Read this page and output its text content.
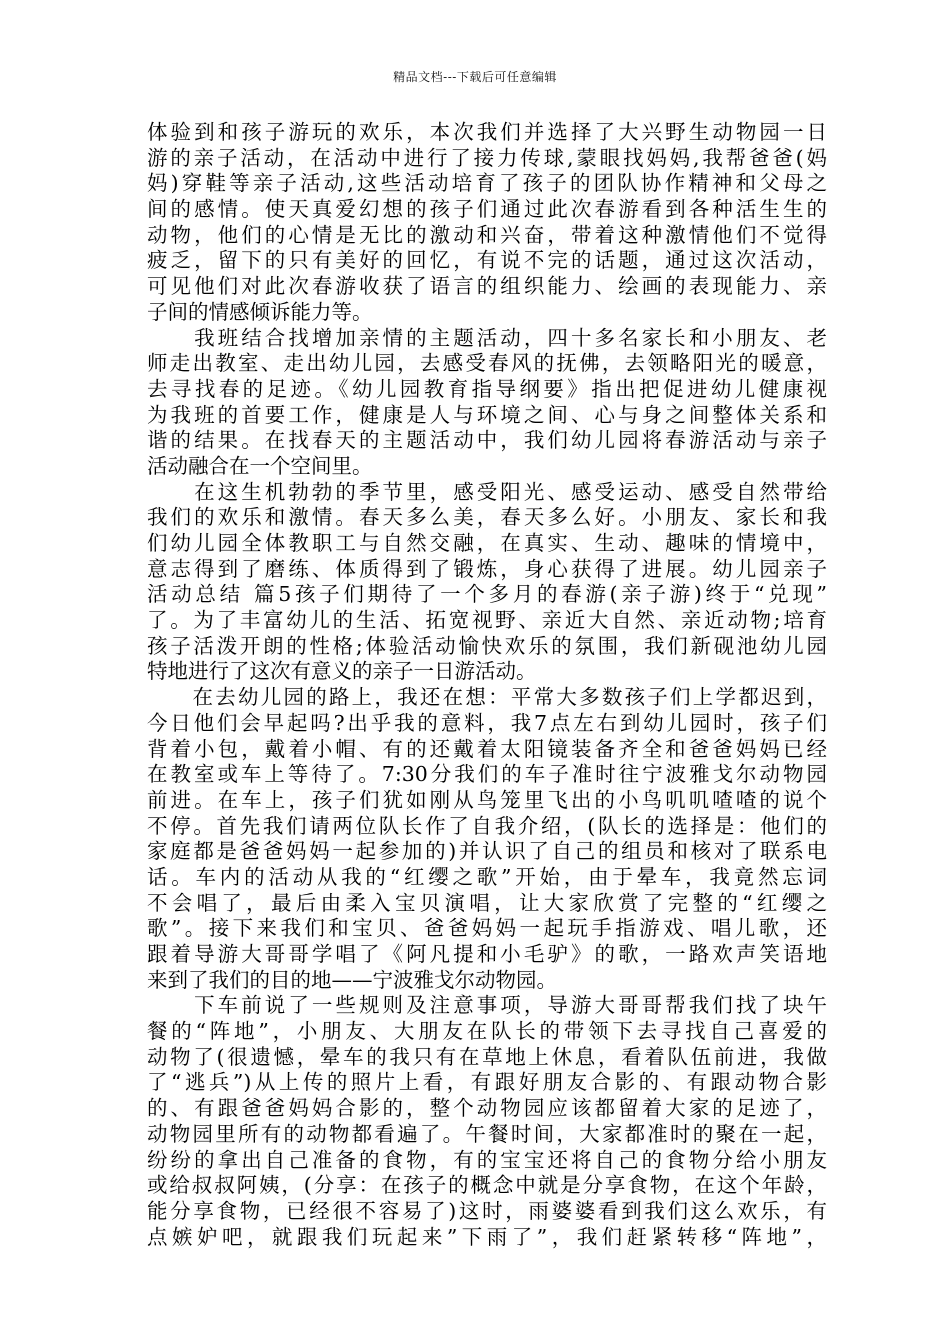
精品文档---下载后可任意编辑
体验到和孩子游玩的欢乐，本次我们并选择了大兴野生动物园一日
游的亲子活动，在活动中进行了接力传球,蒙眼找妈妈,我帮爸爸(妈
妈)穿鞋等亲子活动,这些活动培育了孩子的团队协作精神和父母之
间的感情。使天真爱幻想的孩子们通过此次春游看到各种活生生的
动物，他们的心情是无比的激动和兴奋，带着这种激情他们不觉得
疲乏，留下的只有美好的回忆，有说不完的话题，通过这次活动，
可见他们对此次春游收获了语言的组织能力、绘画的表现能力、亲
子间的情感倾诉能力等。
　　我班结合找增加亲情的主题活动，四十多名家长和小朋友、老
师走出教室、走出幼儿园，去感受春风的抚佛，去领略阳光的暖意，
去寻找春的足迹。《幼儿园教育指导纲要》指出把促进幼儿健康视
为我班的首要工作，健康是人与环境之间、心与身之间整体关系和
谐的结果。在找春天的主题活动中，我们幼儿园将春游活动与亲子
活动融合在一个空间里。
　　在这生机勃勃的季节里，感受阳光、感受运动、感受自然带给
我们的欢乐和激情。春天多么美，春天多么好。小朋友、家长和我
们幼儿园全体教职工与自然交融，在真实、生动、趣味的情境中，
意志得到了磨练、体质得到了锻炼，身心获得了进展。幼儿园亲子
活动总结 篇5孩子们期待了一个多月的春游(亲子游)终于“兑现”
了。为了丰富幼儿的生活、拓宽视野、亲近大自然、亲近动物;培育
孩子活泼开朗的性格;体验活动愉快欢乐的氛围，我们新砚池幼儿园
特地进行了这次有意义的亲子一日游活动。
　　在去幼儿园的路上，我还在想：平常大多数孩子们上学都迟到，
今日他们会早起吗?出乎我的意料，我7点左右到幼儿园时，孩子们
背着小包，戴着小帽、有的还戴着太阳镜装备齐全和爸爸妈妈已经
在教室或车上等待了。7:30分我们的车子准时往宁波雅戈尔动物园
前进。在车上，孩子们犹如刚从鸟笼里飞出的小鸟叽叽喳喳的说个
不停。首先我们请两位队长作了自我介绍，(队长的选择是：他们的
家庭都是爸爸妈妈一起参加的)并认识了自己的组员和核对了联系电
话。车内的活动从我的“红缨之歌”开始，由于晕车，我竟然忘词
不会唱了，最后由柔入宝贝演唱，让大家欣赏了完整的“红缨之
歌”。接下来我们和宝贝、爸爸妈妈一起玩手指游戏、唱儿歌，还
跟着导游大哥哥学唱了《阿凡提和小毛驴》的歌，一路欢声笑语地
来到了我们的目的地——宁波雅戈尔动物园。
　　下车前说了一些规则及注意事项，导游大哥哥帮我们找了块午
餐的“阵地”，小朋友、大朋友在队长的带领下去寻找自己喜爱的
动物了(很遗憾，晕车的我只有在草地上休息，看着队伍前进，我做
了“逃兵”)从上传的照片上看，有跟好朋友合影的、有跟动物合影
的、有跟爸爸妈妈合影的，整个动物园应该都留着大家的足迹了，
动物园里所有的动物都看遍了。午餐时间，大家都准时的聚在一起，
纷纷的拿出自己准备的食物，有的宝宝还将自己的食物分给小朋友
或给叔叔阿姨，(分享：在孩子的概念中就是分享食物，在这个年龄，
能分享食物，已经很不容易了)这时，雨婆婆看到我们这么欢乐，有
点嫉妒吧，就跟我们玩起来”下雨了”，我们赶紧转移“阵地”，
